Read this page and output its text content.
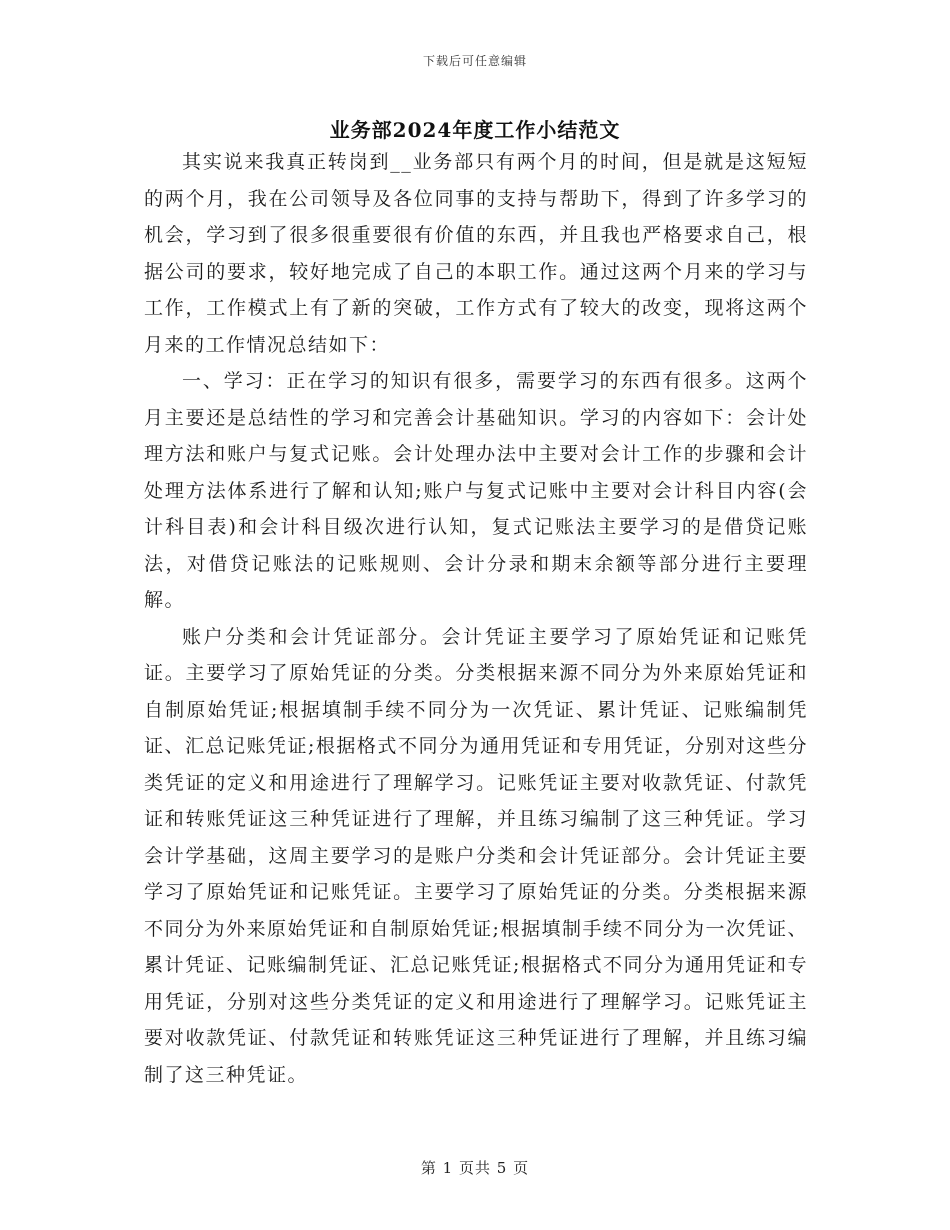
下载后可任意编辑
业务部2024年度工作小结范文

其实说来我真正转岗到__业务部只有两个月的时间，但是就是这短短的两个月，我在公司领导及各位同事的支持与帮助下，得到了许多学习的机会，学习到了很多很重要很有价值的东西，并且我也严格要求自己，根据公司的要求，较好地完成了自己的本职工作。通过这两个月来的学习与工作，工作模式上有了新的突破，工作方式有了较大的改变，现将这两个月来的工作情况总结如下：

一、学习：正在学习的知识有很多，需要学习的东西有很多。这两个月主要还是总结性的学习和完善会计基础知识。学习的内容如下：会计处理方法和账户与复式记账。会计处理办法中主要对会计工作的步骤和会计处理方法体系进行了解和认知;账户与复式记账中主要对会计科目内容(会计科目表)和会计科目级次进行认知，复式记账法主要学习的是借贷记账法，对借贷记账法的记账规则、会计分录和期末余额等部分进行主要理解。

账户分类和会计凭证部分。会计凭证主要学习了原始凭证和记账凭证。主要学习了原始凭证的分类。分类根据来源不同分为外来原始凭证和自制原始凭证;根据填制手续不同分为一次凭证、累计凭证、记账编制凭证、汇总记账凭证;根据格式不同分为通用凭证和专用凭证，分别对这些分类凭证的定义和用途进行了理解学习。记账凭证主要对收款凭证、付款凭证和转账凭证这三种凭证进行了理解，并且练习编制了这三种凭证。学习会计学基础，这周主要学习的是账户分类和会计凭证部分。会计凭证主要学习了原始凭证和记账凭证。主要学习了原始凭证的分类。分类根据来源不同分为外来原始凭证和自制原始凭证;根据填制手续不同分为一次凭证、累计凭证、记账编制凭证、汇总记账凭证;根据格式不同分为通用凭证和专用凭证，分别对这些分类凭证的定义和用途进行了理解学习。记账凭证主要对收款凭证、付款凭证和转账凭证这三种凭证进行了理解，并且练习编制了这三种凭证。

第 1 页共 5 页
